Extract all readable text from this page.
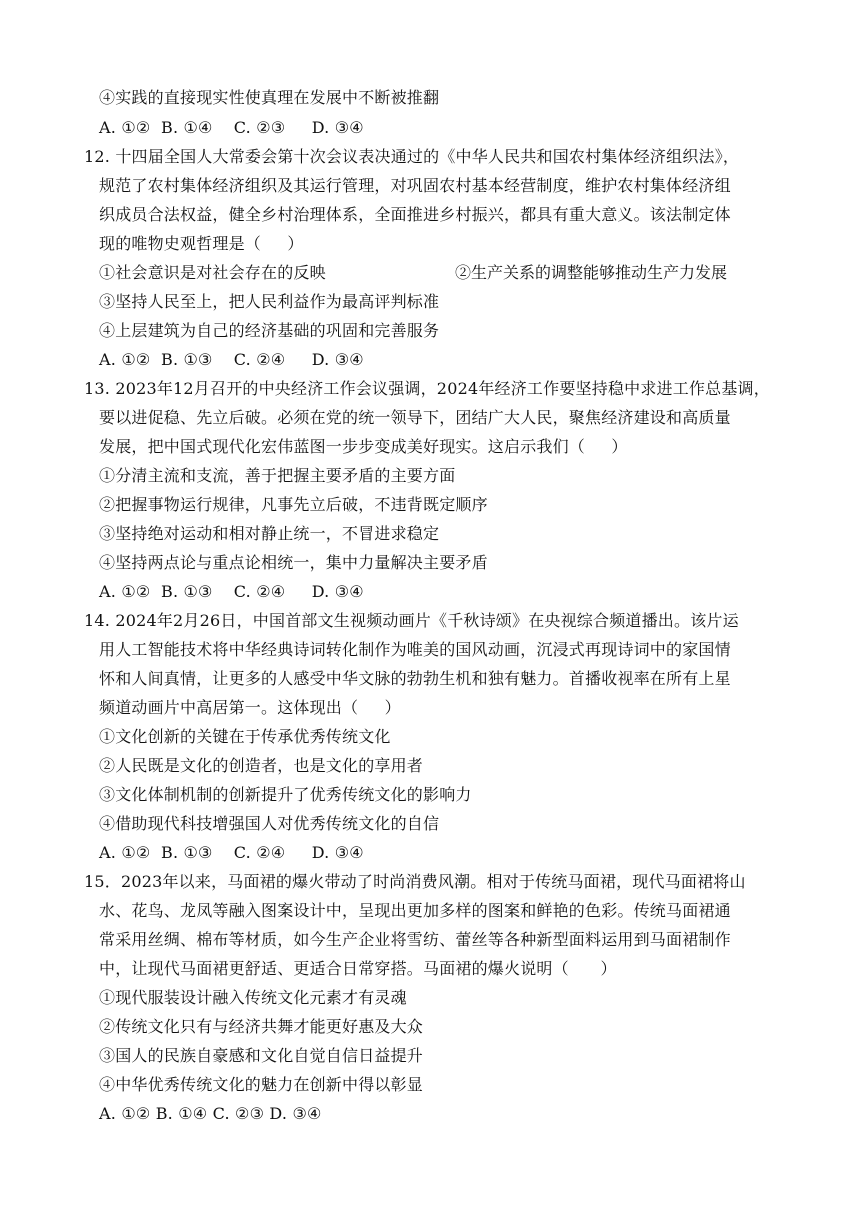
④实践的直接现实性使真理在发展中不断被推翻
A. ①②  B. ①④    C. ②③     D. ③④
12. 十四届全国人大常委会第十次会议表决通过的《中华人民共和国农村集体经济组织法》，
规范了农村集体经济组织及其运行管理，对巩固农村基本经营制度，维护农村集体经济组
织成员合法权益，健全乡村治理体系，全面推进乡村振兴，都具有重大意义。该法制定体
现的唯物史观哲理是（     ）
①社会意识是对社会存在的反映	②生产关系的调整能够推动生产力发展
③坚持人民至上，把人民利益作为最高评判标准
④上层建筑为自己的经济基础的巩固和完善服务
A. ①②  B. ①③    C. ②④     D. ③④
13. 2023年12月召开的中央经济工作会议强调，2024年经济工作要坚持稳中求进工作总基调，
要以进促稳、先立后破。必须在党的统一领导下，团结广大人民，聚焦经济建设和高质量
发展，把中国式现代化宏伟蓝图一步步变成美好现实。这启示我们（     ）
①分清主流和支流，善于把握主要矛盾的主要方面
②把握事物运行规律，凡事先立后破，不违背既定顺序
③坚持绝对运动和相对静止统一，不冒进求稳定
④坚持两点论与重点论相统一，集中力量解决主要矛盾
A. ①②  B. ①③    C. ②④     D. ③④
14. 2024年2月26日，中国首部文生视频动画片《千秋诗颂》在央视综合频道播出。该片运
用人工智能技术将中华经典诗词转化制作为唯美的国风动画，沉浸式再现诗词中的家国情
怀和人间真情，让更多的人感受中华文脉的勃勃生机和独有魅力。首播收视率在所有上星
频道动画片中高居第一。这体现出（     ）
①文化创新的关键在于传承优秀传统文化
②人民既是文化的创造者，也是文化的享用者
③文化体制机制的创新提升了优秀传统文化的影响力
④借助现代科技增强国人对优秀传统文化的自信
A. ①②  B. ①③    C. ②④     D. ③④
15．2023年以来，马面裙的爆火带动了时尚消费风潮。相对于传统马面裙，现代马面裙将山
水、花鸟、龙凤等融入图案设计中，呈现出更加多样的图案和鲜艳的色彩。传统马面裙通
常采用丝绸、棉布等材质，如今生产企业将雪纺、蕾丝等各种新型面料运用到马面裙制作
中，让现代马面裙更舒适、更适合日常穿搭。马面裙的爆火说明（      ）
①现代服装设计融入传统文化元素才有灵魂
②传统文化只有与经济共舞才能更好惠及大众
③国人的民族自豪感和文化自觉自信日益提升
④中华优秀传统文化的魅力在创新中得以彰显
A. ①② B. ①④ C. ②③ D. ③④
